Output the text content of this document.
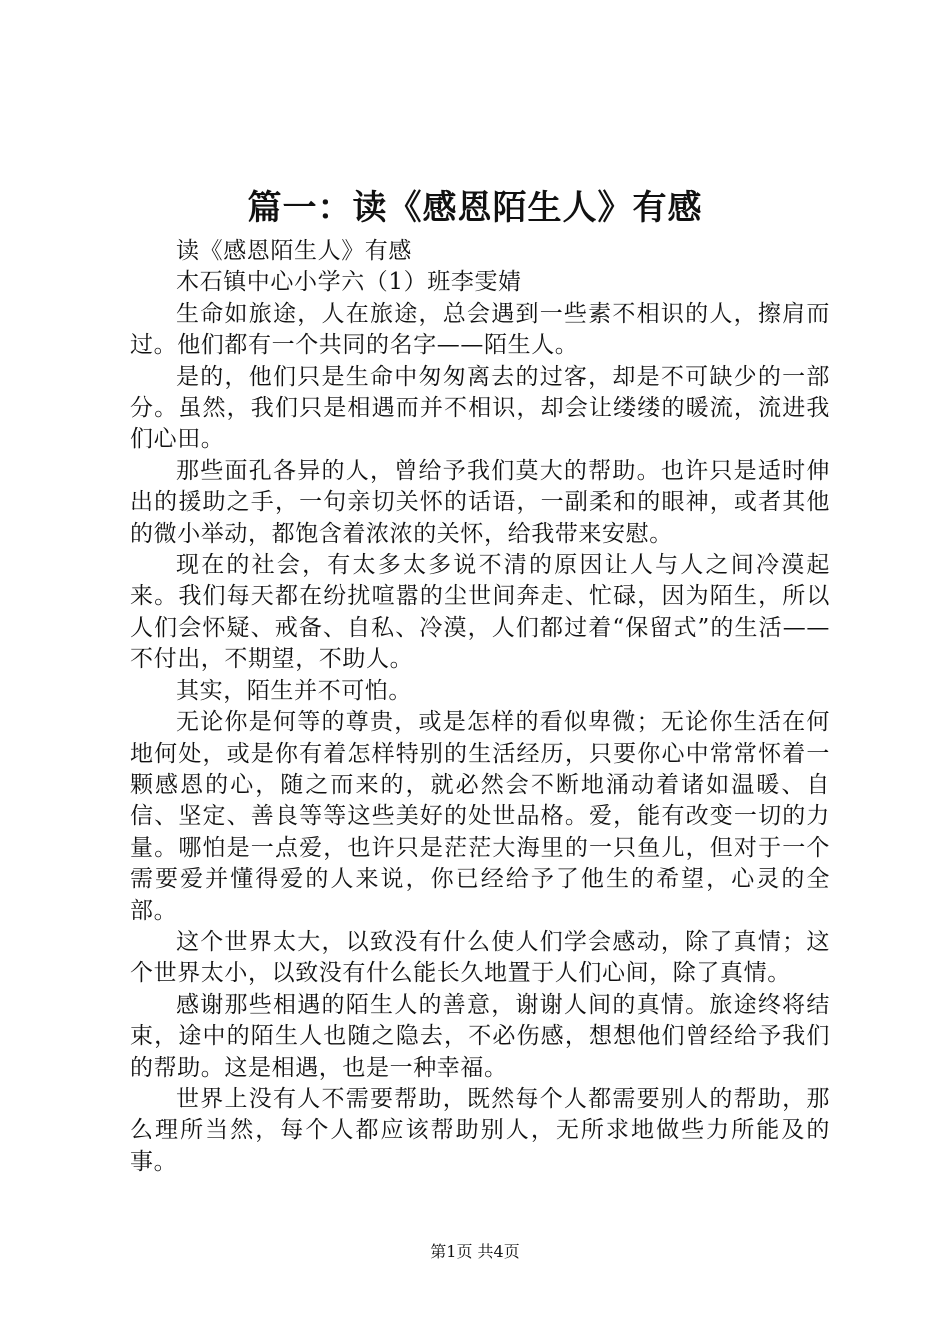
篇一：读《感恩陌生人》有感

读《感恩陌生人》有感

木石镇中心小学六（1）班李雯婧

生命如旅途，人在旅途，总会遇到一些素不相识的人，擦肩而过。他们都有一个共同的名字——陌生人。

是的，他们只是生命中匆匆离去的过客，却是不可缺少的一部分。虽然，我们只是相遇而并不相识，却会让缕缕的暖流，流进我们心田。

那些面孔各异的人，曾给予我们莫大的帮助。也许只是适时伸出的援助之手，一句亲切关怀的话语，一副柔和的眼神，或者其他的微小举动，都饱含着浓浓的关怀，给我带来安慰。

现在的社会，有太多太多说不清的原因让人与人之间冷漠起来。我们每天都在纷扰喧嚣的尘世间奔走、忙碌，因为陌生，所以人们会怀疑、戒备、自私、冷漠，人们都过着“保留式”的生活——不付出，不期望，不助人。

其实，陌生并不可怕。

无论你是何等的尊贵，或是怎样的看似卑微；无论你生活在何地何处，或是你有着怎样特别的生活经历，只要你心中常常怀着一颗感恩的心，随之而来的，就必然会不断地涌动着诸如温暖、自信、坚定、善良等等这些美好的处世品格。爱，能有改变一切的力量。哪怕是一点爱，也许只是茫茫大海里的一只鱼儿，但对于一个需要爱并懂得爱的人来说，你已经给予了他生的希望，心灵的全部。

这个世界太大，以致没有什么使人们学会感动，除了真情；这个世界太小，以致没有什么能长久地置于人们心间，除了真情。

感谢那些相遇的陌生人的善意，谢谢人间的真情。旅途终将结束，途中的陌生人也随之隐去，不必伤感，想想他们曾经给予我们的帮助。这是相遇，也是一种幸福。

世界上没有人不需要帮助，既然每个人都需要别人的帮助，那么理所当然，每个人都应该帮助别人，无所求地做些力所能及的事。

第1页 共4页
